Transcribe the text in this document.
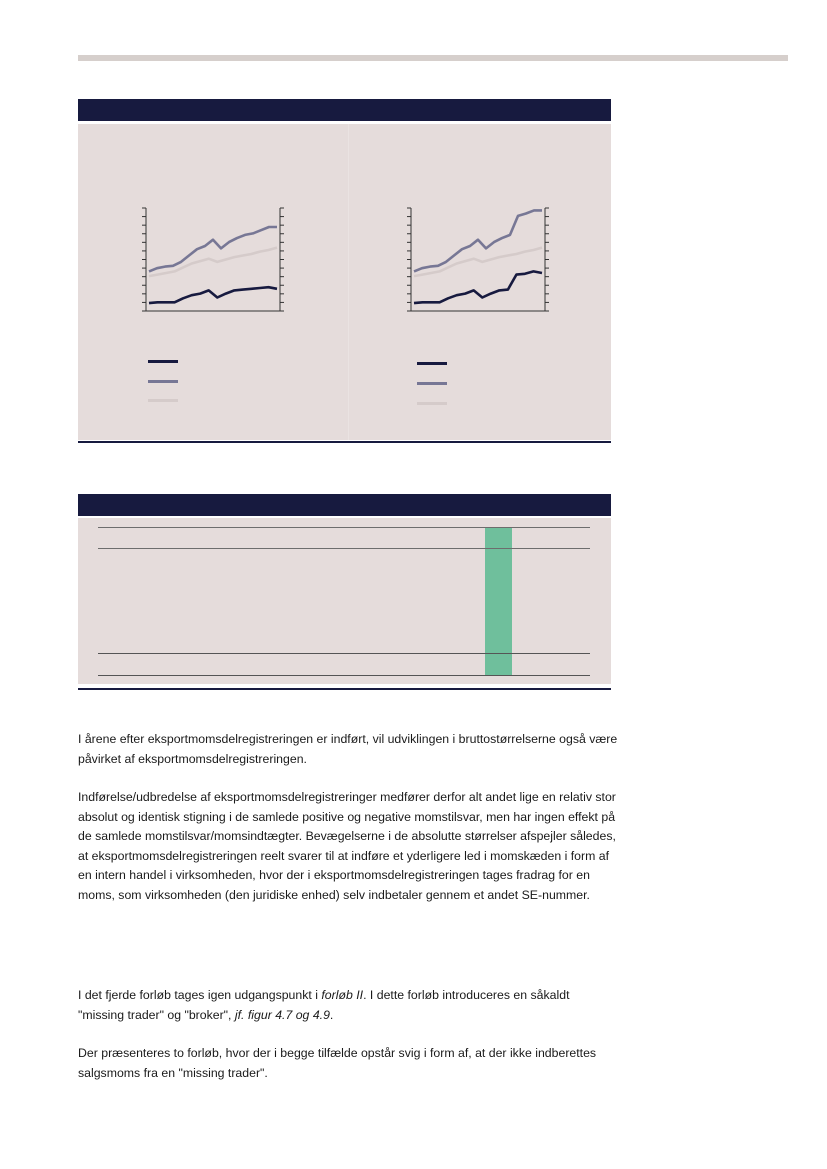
I årene efter eksportmomsdelregistreringen er indført, vil udviklingen i bruttostørrelserne også være påvirket af eksportmomsdelregistreringen.

Indførelse/udbredelse af eksportmomsdelregistreringer medfører derfor alt andet lige en relativ stor absolut og identisk stigning i de samlede positive og negative momstilsvar, men har ingen effekt på de samlede momstilsvar/momsindtægter. Bevægelserne i de absolutte størrelser afspejler således, at eksportmomsdelregistreringen reelt svarer til at indføre et yderligere led i momskæden i form af en intern handel i virksomheden, hvor der i eksportmomsdelregistreringen tages fradrag for en moms, som virksomheden (den juridiske enhed) selv indbetaler gennem et andet SE-nummer.

I det fjerde forløb tages igen udgangspunkt i forløb II. I dette forløb introduceres en såkaldt "missing trader" og "broker", jf. figur 4.7 og 4.9.

Der præsenteres to forløb, hvor der i begge tilfælde opstår svig i form af, at der ikke indberettes salgsmoms fra en "missing trader".
